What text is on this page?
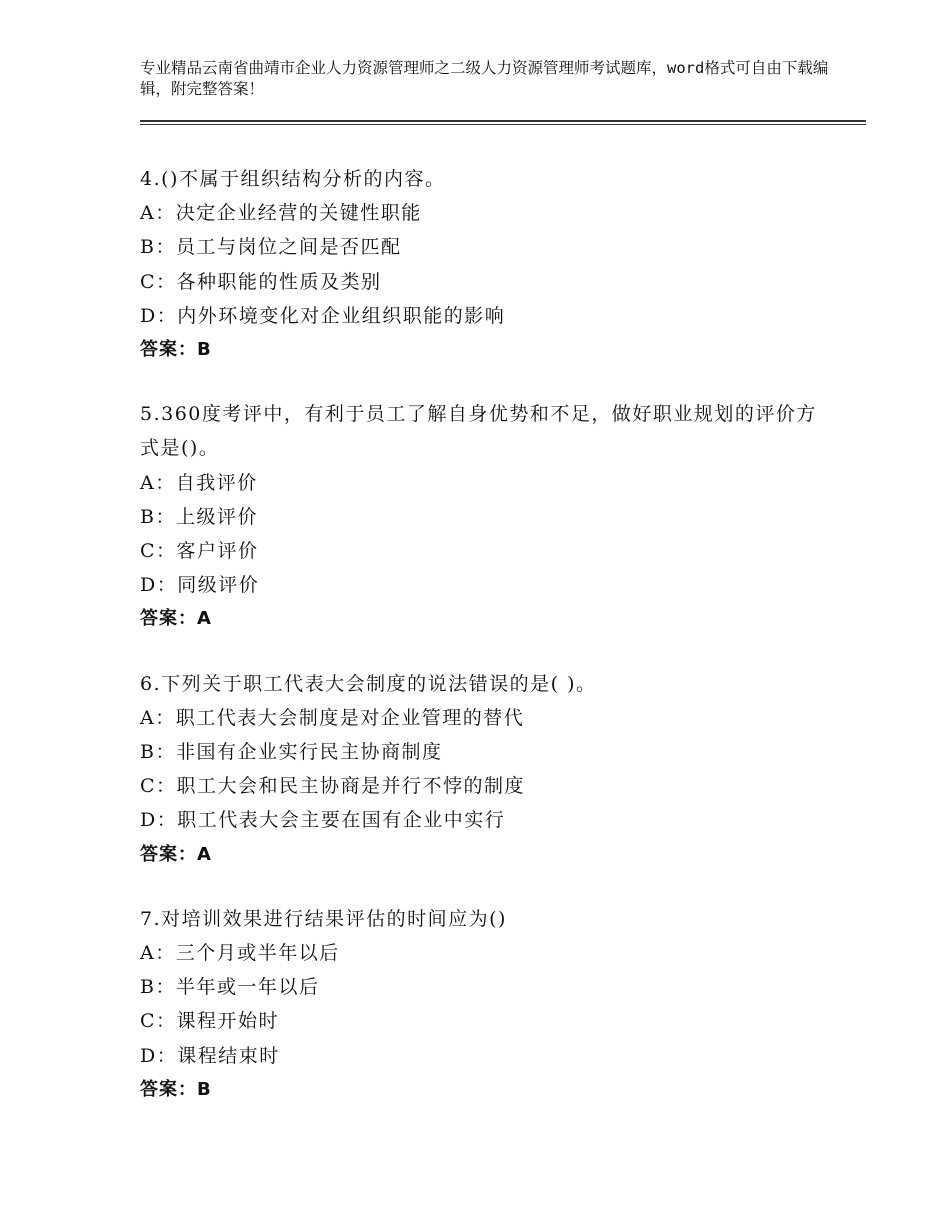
专业精品云南省曲靖市企业人力资源管理师之二级人力资源管理师考试题库，word格式可自由下载编辑，附完整答案！
4.()不属于组织结构分析的内容。
A：决定企业经营的关键性职能
B：员工与岗位之间是否匹配
C：各种职能的性质及类别
D：内外环境变化对企业组织职能的影响
答案：B
5.360度考评中，有利于员工了解自身优势和不足，做好职业规划的评价方式是()。
A：自我评价
B：上级评价
C：客户评价
D：同级评价
答案：A
6.下列关于职工代表大会制度的说法错误的是( )。
A：职工代表大会制度是对企业管理的替代
B：非国有企业实行民主协商制度
C：职工大会和民主协商是并行不悖的制度
D：职工代表大会主要在国有企业中实行
答案：A
7.对培训效果进行结果评估的时间应为()
A：三个月或半年以后
B：半年或一年以后
C：课程开始时
D：课程结束时
答案：B
